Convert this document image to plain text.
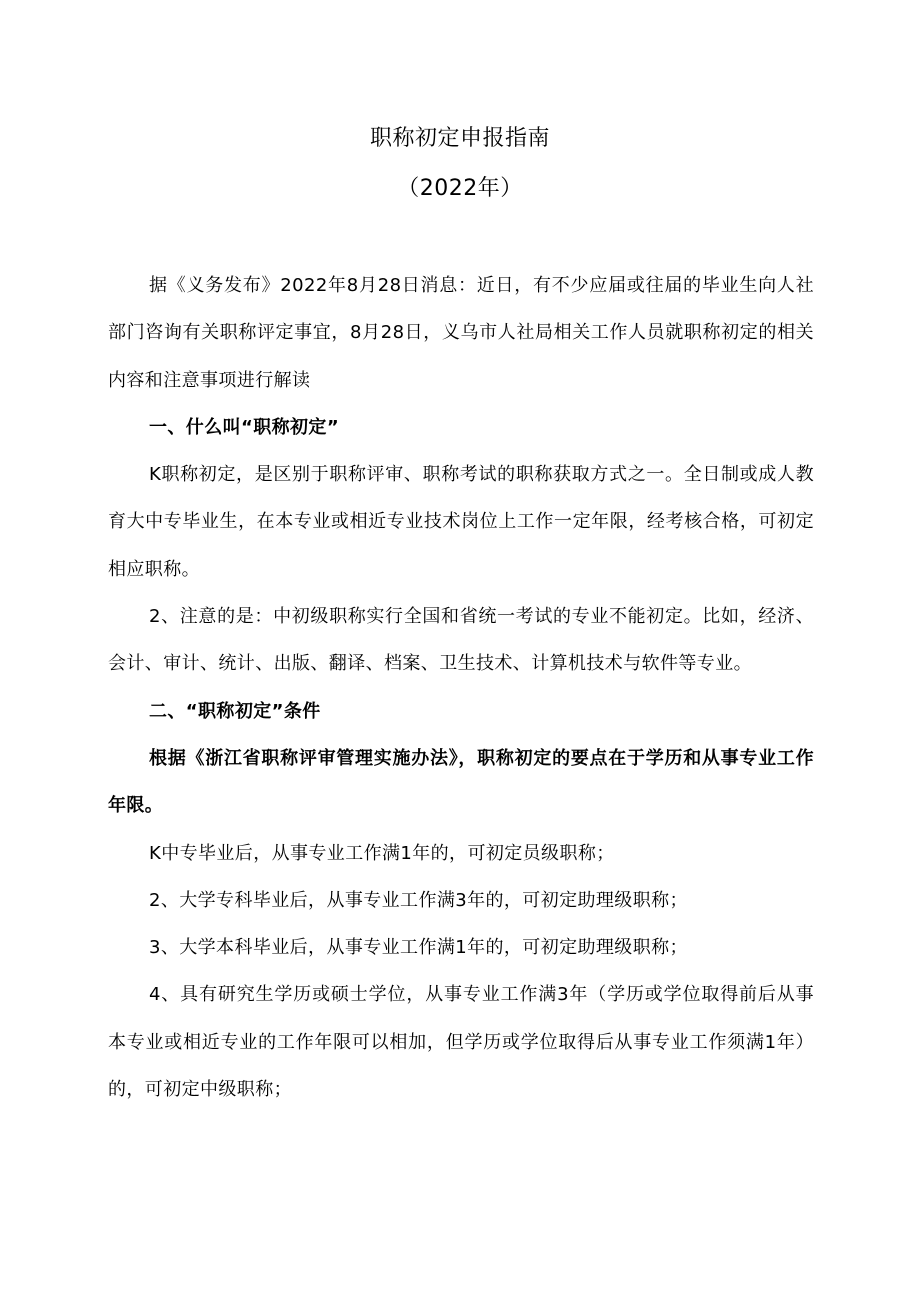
职称初定申报指南
（2022年）

据《义务发布》2022年8月28日消息：近日，有不少应届或往届的毕业生向人社部门咨询有关职称评定事宜，8月28日，义乌市人社局相关工作人员就职称初定的相关内容和注意事项进行解读

一、什么叫“职称初定”

K职称初定，是区别于职称评审、职称考试的职称获取方式之一。全日制或成人教育大中专毕业生，在本专业或相近专业技术岗位上工作一定年限，经考核合格，可初定相应职称。

2、注意的是：中初级职称实行全国和省统一考试的专业不能初定。比如，经济、会计、审计、统计、出版、翻译、档案、卫生技术、计算机技术与软件等专业。

二、“职称初定”条件

根据《浙江省职称评审管理实施办法》，职称初定的要点在于学历和从事专业工作年限。

K中专毕业后，从事专业工作满1年的，可初定员级职称；

2、大学专科毕业后，从事专业工作满3年的，可初定助理级职称；

3、大学本科毕业后，从事专业工作满1年的，可初定助理级职称；

4、具有研究生学历或硕士学位，从事专业工作满3年（学历或学位取得前后从事本专业或相近专业的工作年限可以相加，但学历或学位取得后从事专业工作须满1年）的，可初定中级职称；
